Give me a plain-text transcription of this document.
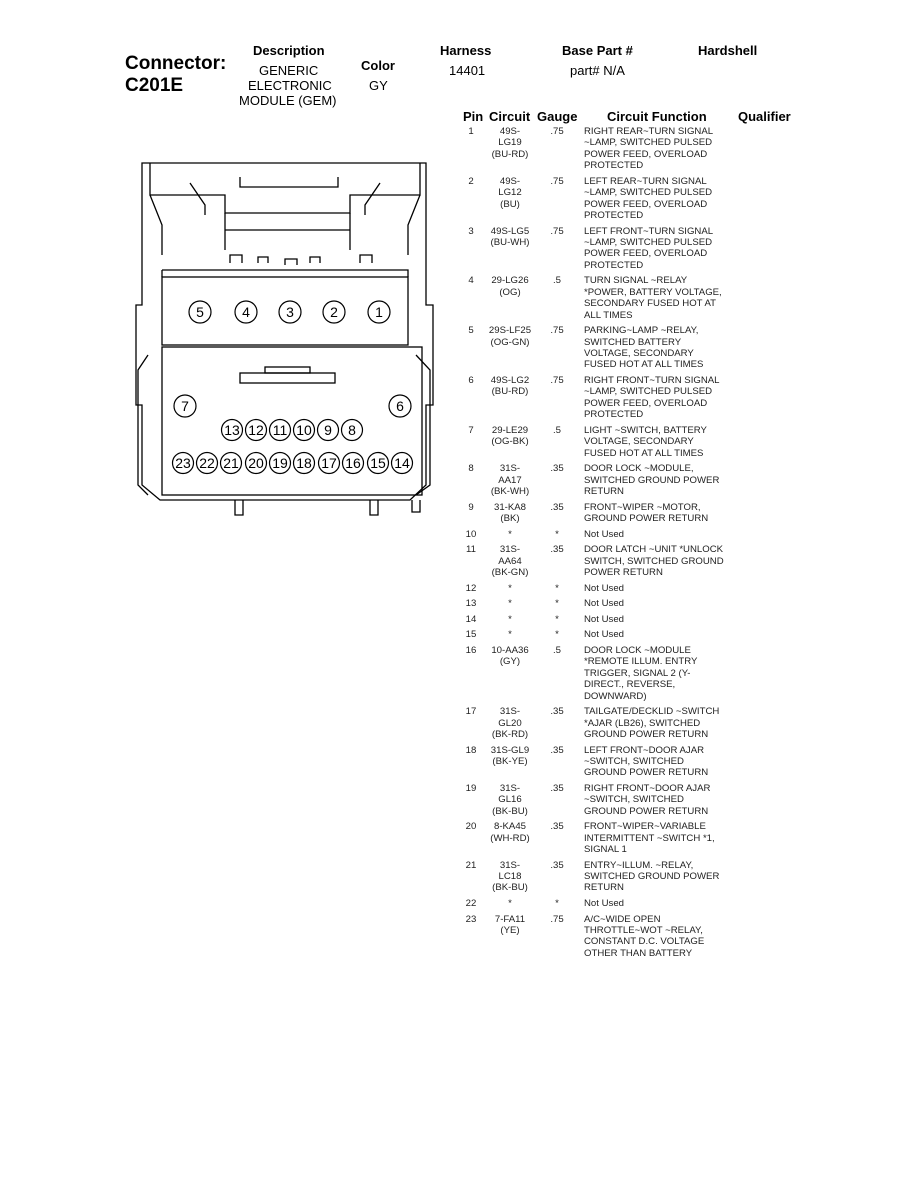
Connector:
C201E
Description
GENERIC
ELECTRONIC
MODULE (GEM)
Color
GY
Harness
14401
Base Part #
part# N/A
Hardshell
Pin Circuit Gauge Circuit Function Qualifier
1	49S-
LG19
(BU-RD)
.75	RIGHT REAR~TURN SIGNAL
~LAMP, SWITCHED PULSED
POWER FEED, OVERLOAD
PROTECTED
2	49S-
LG12
(BU)
.75	LEFT REAR~TURN SIGNAL
~LAMP, SWITCHED PULSED
POWER FEED, OVERLOAD
PROTECTED
3	49S-LG5
(BU-WH)
.75	LEFT FRONT~TURN SIGNAL
~LAMP, SWITCHED PULSED
POWER FEED, OVERLOAD
PROTECTED
4	29-LG26
(OG)
.5	TURN SIGNAL ~RELAY
*POWER, BATTERY VOLTAGE,
SECONDARY FUSED HOT AT
ALL TIMES
5	29S-LF25
(OG-GN)
.75	PARKING~LAMP ~RELAY,
SWITCHED BATTERY
VOLTAGE, SECONDARY
FUSED HOT AT ALL TIMES
6	49S-LG2
(BU-RD)
.75	RIGHT FRONT~TURN SIGNAL
~LAMP, SWITCHED PULSED
POWER FEED, OVERLOAD
PROTECTED
7	29-LE29
(OG-BK)
.5	LIGHT ~SWITCH, BATTERY
VOLTAGE, SECONDARY
FUSED HOT AT ALL TIMES
8	31S-
AA17
(BK-WH)
.35	DOOR LOCK ~MODULE,
SWITCHED GROUND POWER
RETURN
9	31-KA8
(BK)
.35	FRONT~WIPER ~MOTOR,
GROUND POWER RETURN
10	*	*	Not Used
11	31S-
AA64
(BK-GN)
.35	DOOR LATCH ~UNIT *UNLOCK
SWITCH, SWITCHED GROUND
POWER RETURN
12	*	*	Not Used
13	*	*	Not Used
14	*	*	Not Used
15	*	*	Not Used
16	10-AA36
(GY)
.5	DOOR LOCK ~MODULE
*REMOTE ILLUM. ENTRY
TRIGGER, SIGNAL 2 (Y-
DIRECT., REVERSE,
DOWNWARD)
17	31S-
GL20
(BK-RD)
.35	TAILGATE/DECKLID ~SWITCH
*AJAR (LB26), SWITCHED
GROUND POWER RETURN
18	31S-GL9
(BK-YE)
.35	LEFT FRONT~DOOR AJAR
~SWITCH, SWITCHED
GROUND POWER RETURN
19	31S-
GL16
(BK-BU)
.35	RIGHT FRONT~DOOR AJAR
~SWITCH, SWITCHED
GROUND POWER RETURN
20	8-KA45
(WH-RD)
.35	FRONT~WIPER~VARIABLE
INTERMITTENT ~SWITCH *1,
SIGNAL 1
21	31S-
LC18
(BK-BU)
.35	ENTRY~ILLUM. ~RELAY,
SWITCHED GROUND POWER
RETURN
22	*	*	Not Used
23	7-FA11
(YE)
.75	A/C~WIDE OPEN
THROTTLE~WOT ~RELAY,
CONSTANT D.C. VOLTAGE
OTHER THAN BATTERY
1
2
3
4
5
6
7
8
9
10
11
12
13
14
15
16
17
18
19
20
21
22
23
